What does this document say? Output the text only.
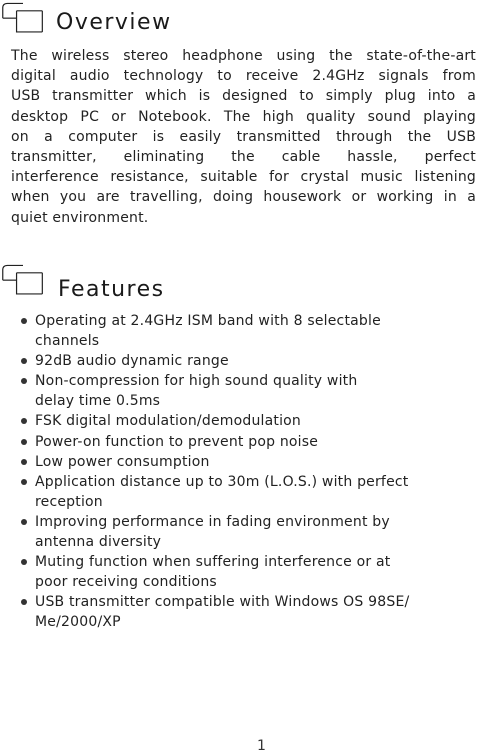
Overview

The wireless stereo headphone using the state-of-the-art
digital audio technology to receive 2.4GHz signals from
USB transmitter which is designed to simply plug into a
desktop PC or Notebook. The high quality sound playing
on a computer is easily transmitted through the USB
transmitter, eliminating the cable hassle, perfect
interference resistance, suitable for crystal music listening
when you are travelling, doing housework or working in a
quiet environment.

Features
Operating at 2.4GHz ISM band with 8 selectable
channels
92dB audio dynamic range
Non-compression for high sound quality with
delay time 0.5ms
FSK digital modulation/demodulation
Power-on function to prevent pop noise
Low power consumption
Application distance up to 30m (L.O.S.) with perfect
reception
Improving performance in fading environment by
antenna diversity
Muting function when suffering interference or at
poor receiving conditions
USB transmitter compatible with Windows OS 98SE/
Me/2000/XP
1
